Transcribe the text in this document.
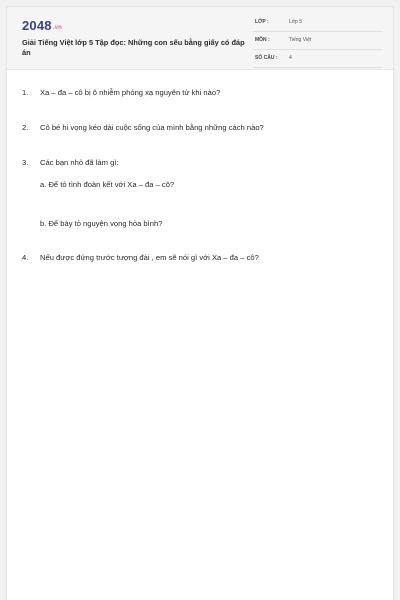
2048.vn
Giải Tiếng Việt lớp 5 Tập đọc: Những con sếu bằng giấy có đáp án
LỚP :	Lớp 5
MÔN :	Tiếng Việt
SỐ CÂU : 4
1.	Xa – đa – cô bị ô nhiễm phóng xạ nguyên tử khi nào?
2.	Cô bé hi vọng kéo dài cuộc sống của mình bằng những cách nào?
3.	Các bạn nhỏ đã làm gì:
a. Để tỏ tình đoàn kết với Xa – đa – cô?
b. Để bày tỏ nguyện vọng hòa bình?
4.	Nếu được đứng trước tượng đài , em sẽ nói gì với Xa – đa – cô?
